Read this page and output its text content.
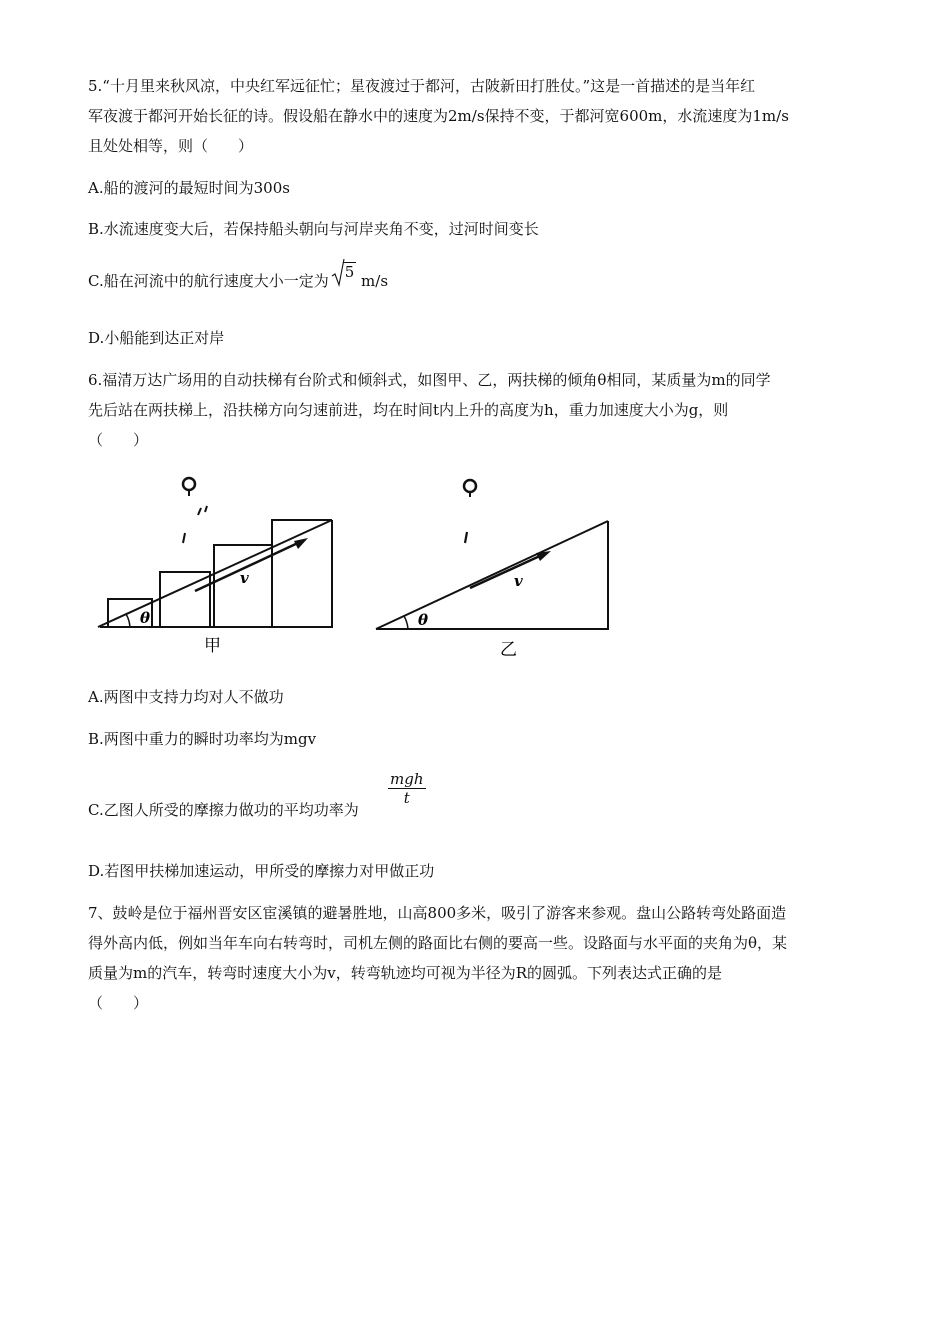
5.“十月里来秋风凉，中央红军远征忙；星夜渡过于都河，古陂新田打胜仗。”这是一首描述的是当年红
军夜渡于都河开始长征的诗。假设船在静水中的速度为2m/s保持不变，于都河宽600m，水流速度为1m/s
且处处相等，则（　　）
A.船的渡河的最短时间为300s
B.水流速度变大后，若保持船头朝向与河岸夹角不变，过河时间变长
C.船在河流中的航行速度大小一定为 5 m/s
D.小船能到达正对岸
6.福清万达广场用的自动扶梯有台阶式和倾斜式，如图甲、乙，两扶梯的倾角θ相同，某质量为m的同学
先后站在两扶梯上，沿扶梯方向匀速前进，均在时间t内上升的高度为h，重力加速度大小为g，则
（　　）
v
θ
甲
v
θ
乙
A.两图中支持力均对人不做功
B.两图中重力的瞬时功率均为mgv
C.乙图人所受的摩擦力做功的平均功率为
mgh
t
D.若图甲扶梯加速运动，甲所受的摩擦力对甲做正功
7、鼓岭是位于福州晋安区宦溪镇的避暑胜地，山高800多米，吸引了游客来参观。盘山公路转弯处路面造
得外高内低，例如当年车向右转弯时，司机左侧的路面比右侧的要高一些。设路面与水平面的夹角为θ，某
质量为m的汽车，转弯时速度大小为v，转弯轨迹均可视为半径为R的圆弧。下列表达式正确的是
（　　）
